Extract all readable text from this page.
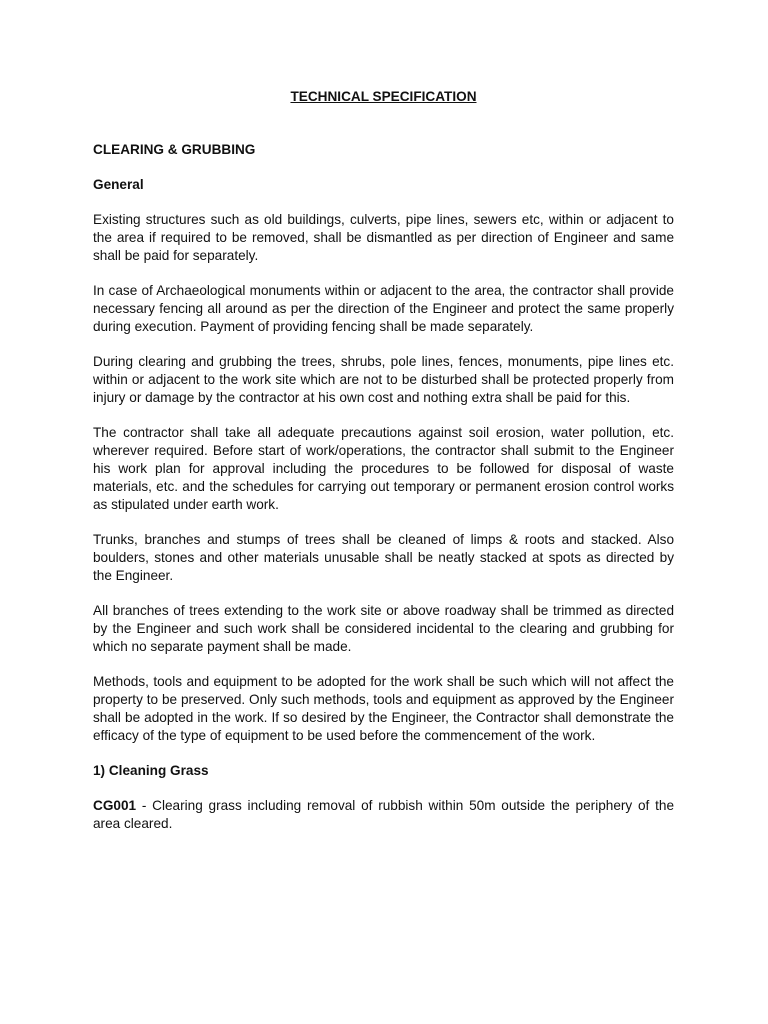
TECHNICAL SPECIFICATION
CLEARING & GRUBBING
General

Existing structures such as old buildings, culverts, pipe lines, sewers etc, within or adjacent to the area if required to be removed, shall be dismantled as per direction of Engineer and same shall be paid for separately.

In case of Archaeological monuments within or adjacent to the area, the contractor shall provide necessary fencing all around as per the direction of the Engineer and protect the same properly during execution. Payment of providing fencing shall be made separately.

During clearing and grubbing the trees, shrubs, pole lines, fences, monuments, pipe lines etc. within or adjacent to the work site which are not to be disturbed shall be protected properly from injury or damage by the contractor at his own cost and nothing extra shall be paid for this.

The contractor shall take all adequate precautions against soil erosion, water pollution, etc. wherever required. Before start of work/operations, the contractor shall submit to the Engineer his work plan for approval including the procedures to be followed for disposal of waste materials, etc. and the schedules for carrying out temporary or permanent erosion control works as stipulated under earth work.

Trunks, branches and stumps of trees shall be cleaned of limps & roots and stacked. Also boulders, stones and other materials unusable shall be neatly stacked at spots as directed by the Engineer.

All branches of trees extending to the work site or above roadway shall be trimmed as directed by the Engineer and such work shall be considered incidental to the clearing and grubbing for which no separate payment shall be made.

Methods, tools and equipment to be adopted for the work shall be such which will not affect the property to be preserved. Only such methods, tools and equipment as approved by the Engineer shall be adopted in the work. If so desired by the Engineer, the Contractor shall demonstrate the efficacy of the type of equipment to be used before the commencement of the work.

1) Cleaning Grass

CG001 - Clearing grass including removal of rubbish within 50m outside the periphery of the area cleared.
